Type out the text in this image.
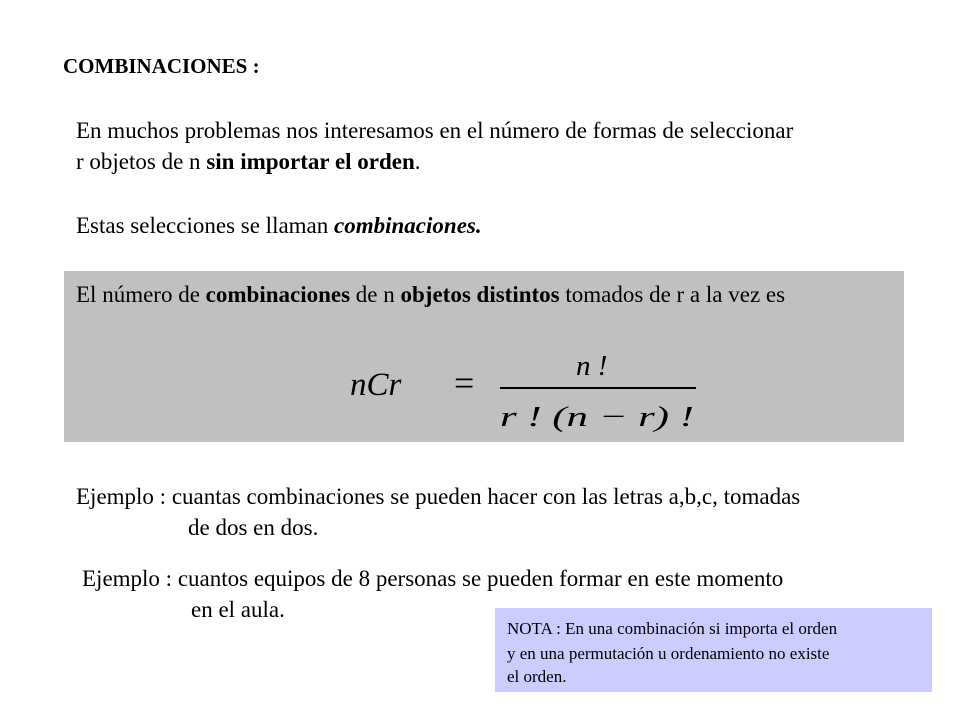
COMBINACIONES :
En muchos problemas nos interesamos en el número de formas de seleccionar
r objetos de n sin importar el orden.
Estas selecciones se llaman combinaciones.
El número de combinaciones de n objetos distintos tomados de r a la vez es
nCr =	n !
r ! (n − r) !
Ejemplo : cuantas combinaciones se pueden hacer con las letras a,b,c, tomadas
de dos en dos.
Ejemplo : cuantos equipos de 8 personas se pueden formar en este momento
en el aula.
NOTA : En una combinación si importa el orden
y en una permutación u ordenamiento no existe
el orden.
